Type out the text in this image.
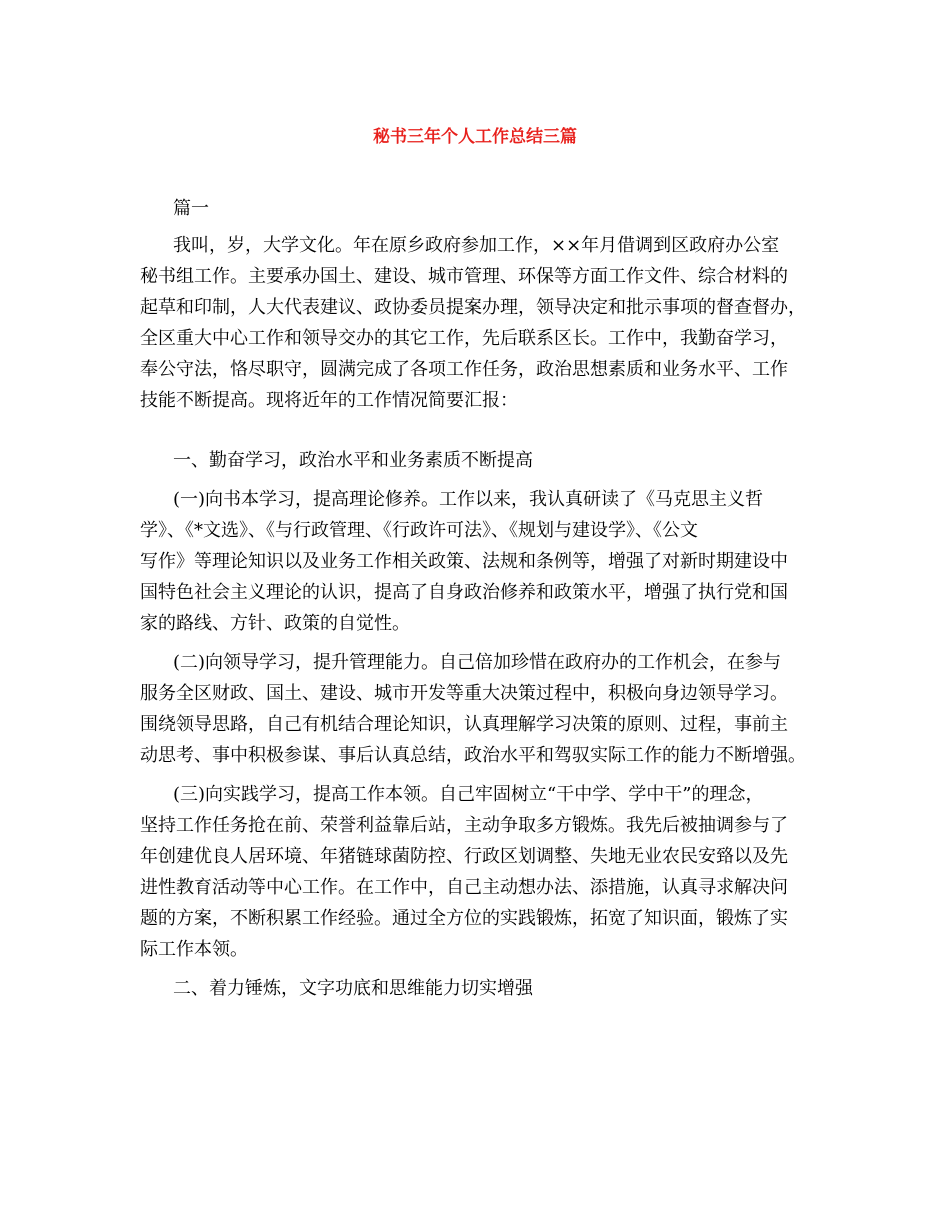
秘书三年个人工作总结三篇
篇一
我叫，岁，大学文化。年在原乡政府参加工作，××年月借调到区政府办公室
秘书组工作。主要承办国土、建设、城市管理、环保等方面工作文件、综合材料的
起草和印制，人大代表建议、政协委员提案办理，领导决定和批示事项的督查督办，
全区重大中心工作和领导交办的其它工作，先后联系区长。工作中，我勤奋学习，
奉公守法，恪尽职守，圆满完成了各项工作任务，政治思想素质和业务水平、工作
技能不断提高。现将近年的工作情况简要汇报：
一、勤奋学习，政治水平和业务素质不断提高
(一)向书本学习，提高理论修养。工作以来，我认真研读了《马克思主义哲
学》、《*文选》、《与行政管理、《行政许可法》、《规划与建设学》、《公文
写作》等理论知识以及业务工作相关政策、法规和条例等，增强了对新时期建设中
国特色社会主义理论的认识，提高了自身政治修养和政策水平，增强了执行党和国
家的路线、方针、政策的自觉性。
(二)向领导学习，提升管理能力。自己倍加珍惜在政府办的工作机会，在参与
服务全区财政、国土、建设、城市开发等重大决策过程中，积极向身边领导学习。
围绕领导思路，自己有机结合理论知识，认真理解学习决策的原则、过程，事前主
动思考、事中积极参谋、事后认真总结，政治水平和驾驭实际工作的能力不断增强。
(三)向实践学习，提高工作本领。自己牢固树立“干中学、学中干”的理念，
坚持工作任务抢在前、荣誉利益靠后站，主动争取多方锻炼。我先后被抽调参与了
年创建优良人居环境、年猪链球菌防控、行政区划调整、失地无业农民安臵以及先
进性教育活动等中心工作。在工作中，自己主动想办法、添措施，认真寻求解决问
题的方案，不断积累工作经验。通过全方位的实践锻炼，拓宽了知识面，锻炼了实
际工作本领。
二、着力锤炼，文字功底和思维能力切实增强
